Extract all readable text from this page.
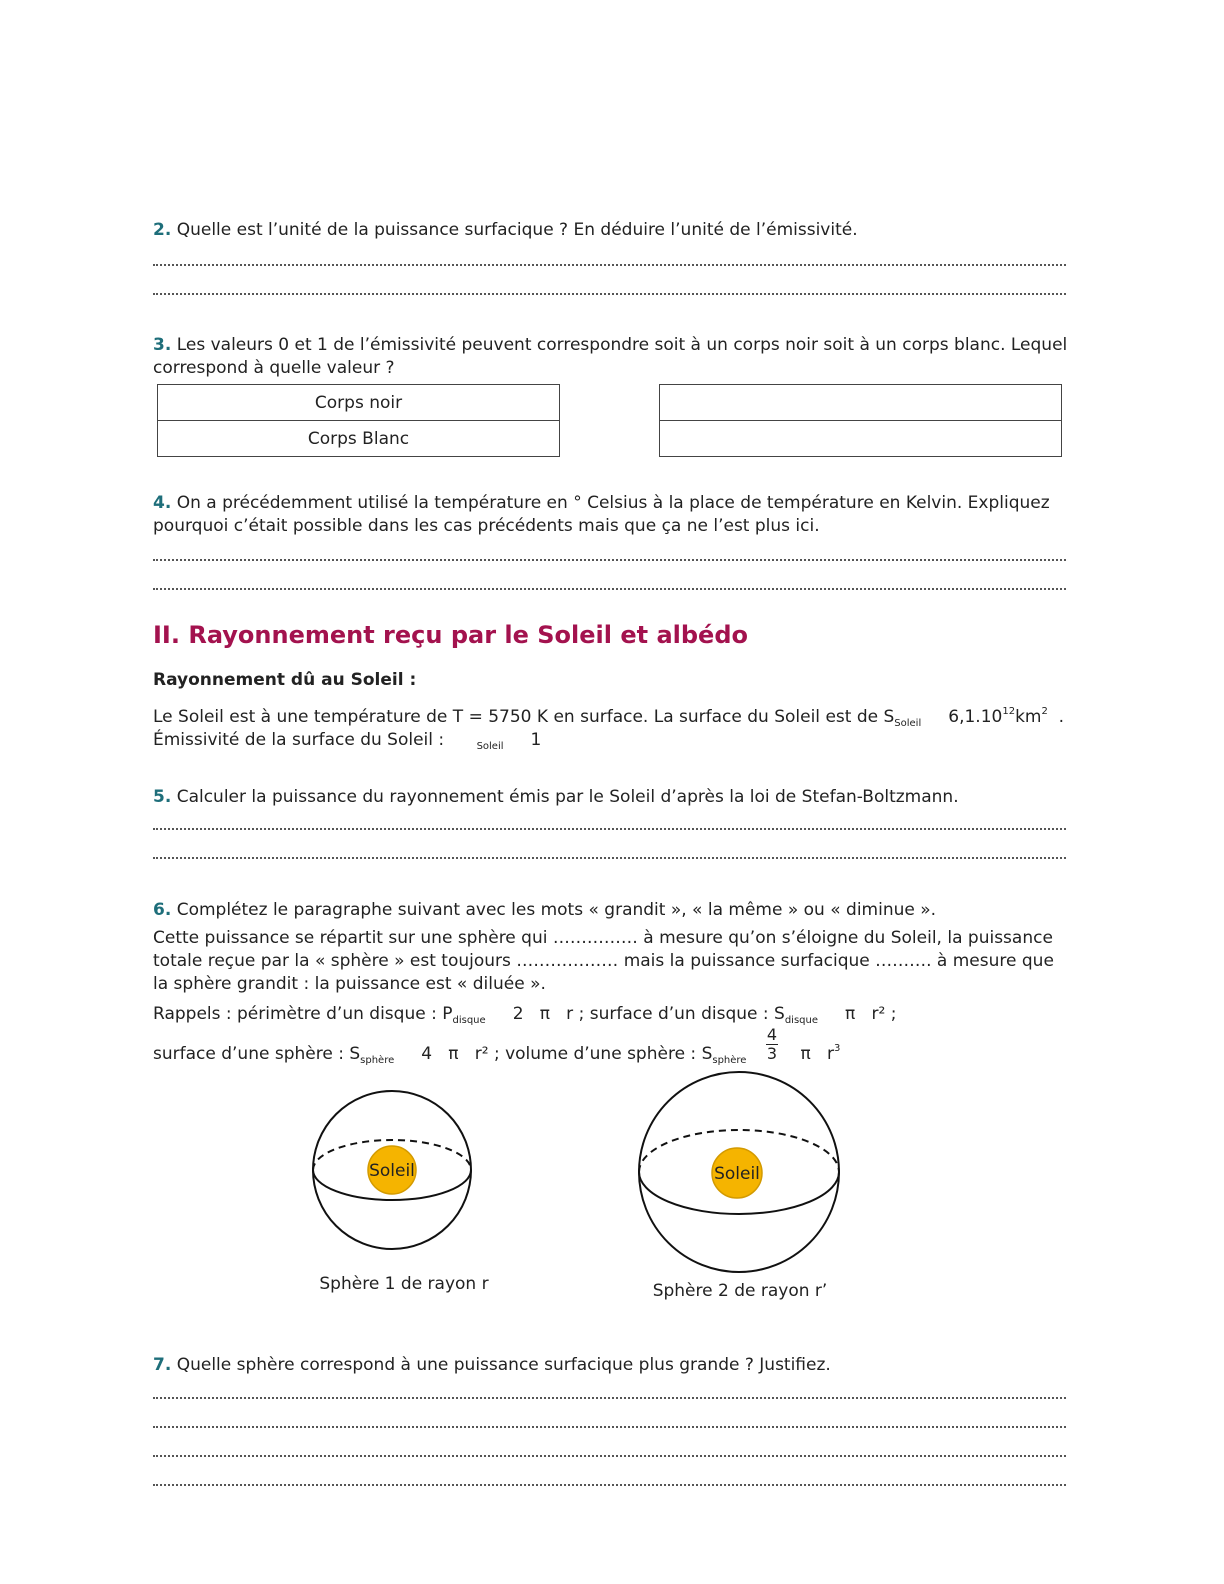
2. Quelle est l’unité de la puissance surfacique ? En déduire l’unité de l’émissivité.
3. Les valeurs 0 et 1 de l’émissivité peuvent correspondre soit à un corps noir soit à un corps blanc. Lequel correspond à quelle valeur ?
Corps noir
Corps Blanc

4. On a précédemment utilisé la température en ° Celsius à la place de température en Kelvin. Expliquez pourquoi c’était possible dans les cas précédents mais que ça ne l’est plus ici.
II. Rayonnement reçu par le Soleil et albédo
Rayonnement dû au Soleil :
Le Soleil est à une température de T = 5750 K en surface. La surface du Soleil est de $S_{Soleil}$ $6,1.10^{12}km^2$ .
Émissivité de la surface du Soleil :	$_{Soleil}$ 1
5. Calculer la puissance du rayonnement émis par le Soleil d’après la loi de Stefan-Boltzmann.
6. Complétez le paragraphe suivant avec les mots « grandit », « la même » ou « diminue ».
Cette puissance se répartit sur une sphère qui …………… à mesure qu’on s’éloigne du Soleil, la puissance totale reçue par la « sphère » est toujours ……………… mais la puissance surfacique ………. à mesure que la sphère grandit : la puissance est « diluée ».
Rappels : périmètre d’un disque : $P_{disque}$ 2   π   r ; surface d’un disque : $S_{disque}$ π   r² ;
surface d’une sphère : $S_{sphère}$ 4   π   r² ; volume d’une sphère : $S_{sphère}$	π   $r^3$
4
3
Soleil	Soleil
Sphère 1 de rayon r	Sphère 2 de rayon r’
7. Quelle sphère correspond à une puissance surfacique plus grande ? Justifiez.
